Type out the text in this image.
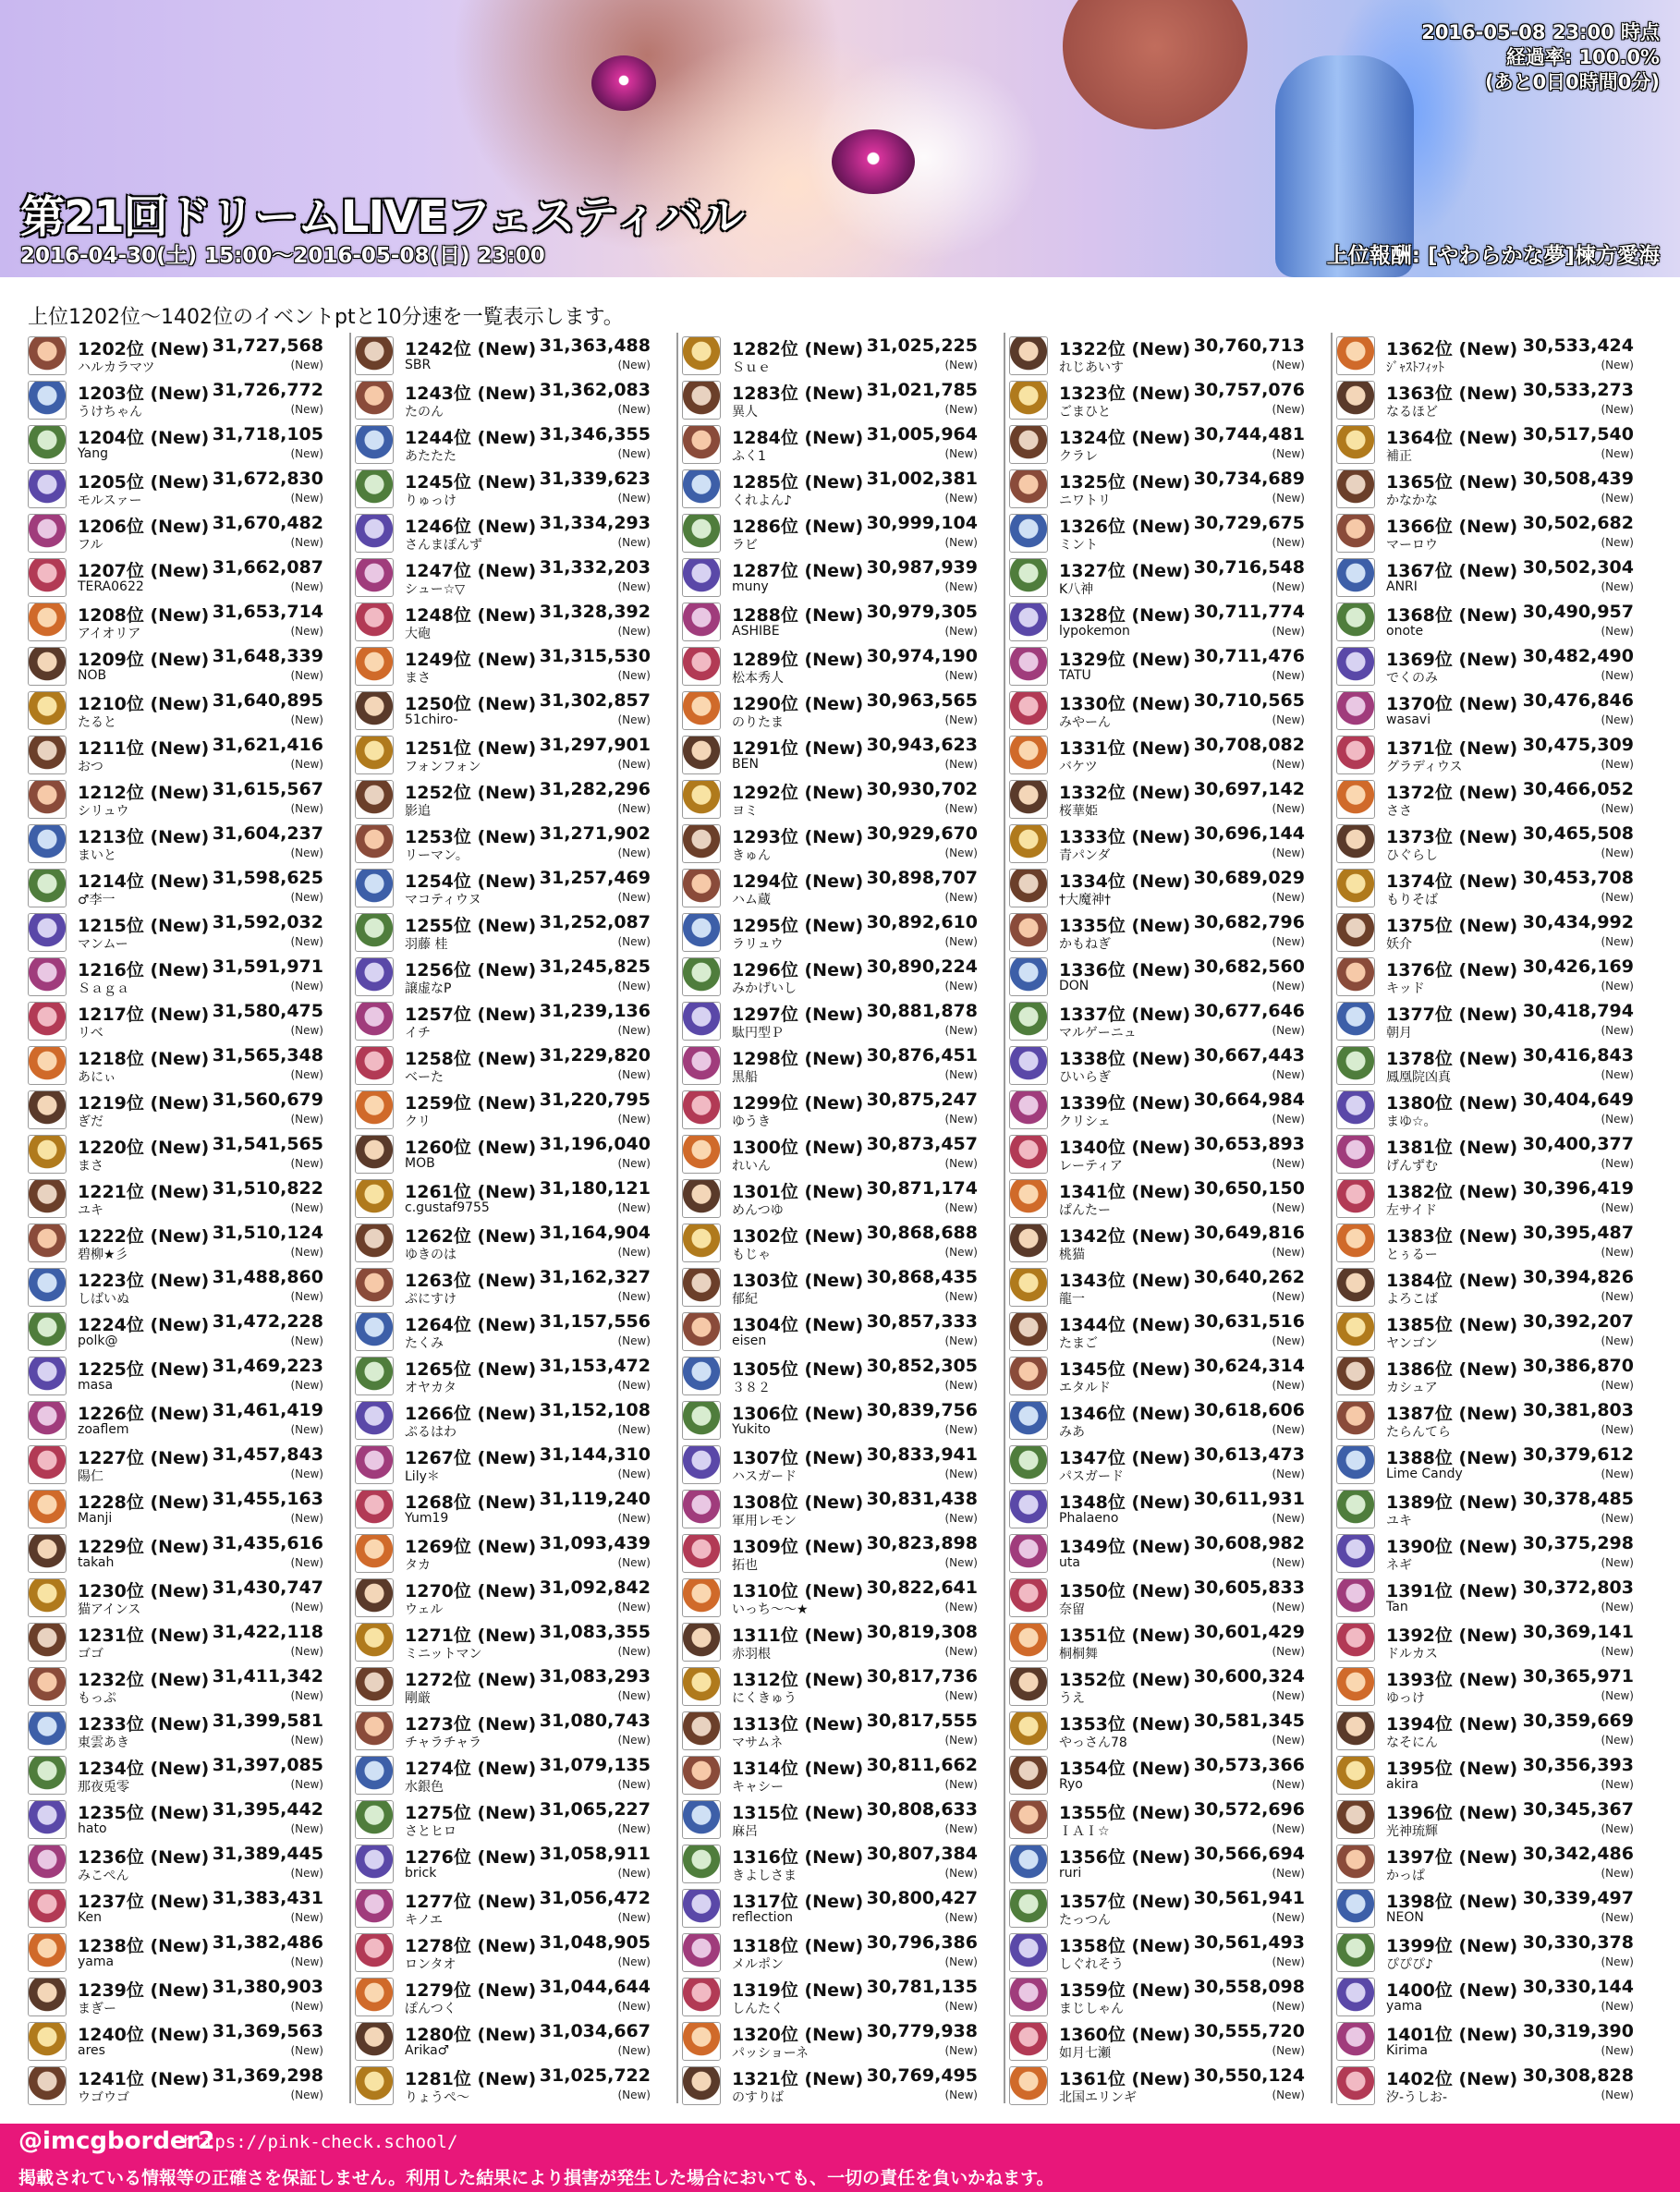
2016-05-08 23:00 時点
経過率: 100.0%
(あと0日0時間0分)
第21回ドリームLIVEフェスティバル
2016-04-30(土) 15:00～2016-05-08(日) 23:00	上位報酬: [やわらかな夢]楝方愛海
上位1202位～1402位のイベントptと10分速を一覧表示します。
1202位 (New) 31,727,568
ハルカラマツ	(New)
1203位 (New) 31,726,772
うけちゃん	(New)
1204位 (New) 31,718,105
Yang	(New)
1205位 (New) 31,672,830
モルスァー	(New)
1206位 (New) 31,670,482
フル	(New)
1207位 (New) 31,662,087
TERA0622	(New)
1208位 (New) 31,653,714
アイオリア	(New)
1209位 (New) 31,648,339
NOB	(New)
1210位 (New) 31,640,895
たると	(New)
1211位 (New) 31,621,416
おつ	(New)
1212位 (New) 31,615,567
シリュウ	(New)
1213位 (New) 31,604,237
まいと	(New)
1214位 (New) 31,598,625
♂李一	(New)
1215位 (New) 31,592,032
マンムー	(New)
1216位 (New) 31,591,971
Ｓａｇａ	(New)
1217位 (New) 31,580,475
リベ	(New)
1218位 (New) 31,565,348
あにぃ	(New)
1219位 (New) 31,560,679
ぎだ	(New)
1220位 (New) 31,541,565
まさ	(New)
1221位 (New) 31,510,822
ユキ	(New)
1222位 (New) 31,510,124
碧柳★彡	(New)
1223位 (New) 31,488,860
しばいぬ	(New)
1224位 (New) 31,472,228
polk@	(New)
1225位 (New) 31,469,223
masa	(New)
1226位 (New) 31,461,419
zoaflem	(New)
1227位 (New) 31,457,843
陽仁	(New)
1228位 (New) 31,455,163
Manji	(New)
1229位 (New) 31,435,616
takah	(New)
1230位 (New) 31,430,747
猫アインス	(New)
1231位 (New) 31,422,118
ゴゴ	(New)
1232位 (New) 31,411,342
もっぷ	(New)
1233位 (New) 31,399,581
東雲あき	(New)
1234位 (New) 31,397,085
那夜兎零	(New)
1235位 (New) 31,395,442
hato	(New)
1236位 (New) 31,389,445
みこぺん	(New)
1237位 (New) 31,383,431
Ken	(New)
1238位 (New) 31,382,486
yama	(New)
1239位 (New) 31,380,903
まぎー	(New)
1240位 (New) 31,369,563
ares	(New)
1241位 (New) 31,369,298
ウゴウゴ	(New)
1242位 (New) 31,363,488
SBR	(New)
1243位 (New) 31,362,083
たのん	(New)
1244位 (New) 31,346,355
あたたた	(New)
1245位 (New) 31,339,623
りゅっけ	(New)
1246位 (New) 31,334,293
さんまぽんず	(New)
1247位 (New) 31,332,203
シュー☆▽	(New)
1248位 (New) 31,328,392
大砲	(New)
1249位 (New) 31,315,530
まさ	(New)
1250位 (New) 31,302,857
51chiro-	(New)
1251位 (New) 31,297,901
フォンフォン	(New)
1252位 (New) 31,282,296
影追	(New)
1253位 (New) 31,271,902
リーマン。	(New)
1254位 (New) 31,257,469
マコティウヌ	(New)
1255位 (New) 31,252,087
羽藤 桂	(New)
1256位 (New) 31,245,825
譲虚なP	(New)
1257位 (New) 31,239,136
イチ	(New)
1258位 (New) 31,229,820
ベーた	(New)
1259位 (New) 31,220,795
クリ	(New)
1260位 (New) 31,196,040
MOB	(New)
1261位 (New) 31,180,121
c.gustaf9755	(New)
1262位 (New) 31,164,904
ゆきのは	(New)
1263位 (New) 31,162,327
ぷにすけ	(New)
1264位 (New) 31,157,556
たくみ	(New)
1265位 (New) 31,153,472
オヤカタ	(New)
1266位 (New) 31,152,108
ぷるはわ	(New)
1267位 (New) 31,144,310
Lily＊	(New)
1268位 (New) 31,119,240
Yum19	(New)
1269位 (New) 31,093,439
タカ	(New)
1270位 (New) 31,092,842
ウェル	(New)
1271位 (New) 31,083,355
ミニットマン	(New)
1272位 (New) 31,083,293
剛厳	(New)
1273位 (New) 31,080,743
チャラチャラ	(New)
1274位 (New) 31,079,135
水銀色	(New)
1275位 (New) 31,065,227
さとヒロ	(New)
1276位 (New) 31,058,911
brick	(New)
1277位 (New) 31,056,472
キノエ	(New)
1278位 (New) 31,048,905
ロンタオ	(New)
1279位 (New) 31,044,644
ぽんつく	(New)
1280位 (New) 31,034,667
Arika♂	(New)
1281位 (New) 31,025,722
りょうぺ～	(New)
1282位 (New) 31,025,225
Ｓｕｅ	(New)
1283位 (New) 31,021,785
異人	(New)
1284位 (New) 31,005,964
ふく1	(New)
1285位 (New) 31,002,381
くれよん♪	(New)
1286位 (New) 30,999,104
ラビ	(New)
1287位 (New) 30,987,939
muny	(New)
1288位 (New) 30,979,305
ASHIBE	(New)
1289位 (New) 30,974,190
松本秀人	(New)
1290位 (New) 30,963,565
のりたま	(New)
1291位 (New) 30,943,623
BEN	(New)
1292位 (New) 30,930,702
ヨミ	(New)
1293位 (New) 30,929,670
きゅん	(New)
1294位 (New) 30,898,707
ハム蔵	(New)
1295位 (New) 30,892,610
ラリュウ	(New)
1296位 (New) 30,890,224
みかげいし	(New)
1297位 (New) 30,881,878
駄円型Ｐ	(New)
1298位 (New) 30,876,451
黒船	(New)
1299位 (New) 30,875,247
ゆうき	(New)
1300位 (New) 30,873,457
れいん	(New)
1301位 (New) 30,871,174
めんつゆ	(New)
1302位 (New) 30,868,688
もじゃ	(New)
1303位 (New) 30,868,435
郁紀	(New)
1304位 (New) 30,857,333
eisen	(New)
1305位 (New) 30,852,305
３８２	(New)
1306位 (New) 30,839,756
Yukito	(New)
1307位 (New) 30,833,941
ハスガード	(New)
1308位 (New) 30,831,438
軍用レモン	(New)
1309位 (New) 30,823,898
拓也	(New)
1310位 (New) 30,822,641
いっち～～★	(New)
1311位 (New) 30,819,308
赤羽根	(New)
1312位 (New) 30,817,736
にくきゅう	(New)
1313位 (New) 30,817,555
マサムネ	(New)
1314位 (New) 30,811,662
キャシー	(New)
1315位 (New) 30,808,633
麻呂	(New)
1316位 (New) 30,807,384
きよしさま	(New)
1317位 (New) 30,800,427
reflection	(New)
1318位 (New) 30,796,386
メルポン	(New)
1319位 (New) 30,781,135
しんたく	(New)
1320位 (New) 30,779,938
パッショーネ	(New)
1321位 (New) 30,769,495
のすりば	(New)
1322位 (New) 30,760,713
れじあいす	(New)
1323位 (New) 30,757,076
ごまひと	(New)
1324位 (New) 30,744,481
クラレ	(New)
1325位 (New) 30,734,689
ニワトリ	(New)
1326位 (New) 30,729,675
ミント	(New)
1327位 (New) 30,716,548
K八神	(New)
1328位 (New) 30,711,774
lypokemon	(New)
1329位 (New) 30,711,476
TATU	(New)
1330位 (New) 30,710,565
みやーん	(New)
1331位 (New) 30,708,082
バケツ	(New)
1332位 (New) 30,697,142
桜華姫	(New)
1333位 (New) 30,696,144
青パンダ	(New)
1334位 (New) 30,689,029
†大魔神†	(New)
1335位 (New) 30,682,796
かもねぎ	(New)
1336位 (New) 30,682,560
DON	(New)
1337位 (New) 30,677,646
マルゲーニュ	(New)
1338位 (New) 30,667,443
ひいらぎ	(New)
1339位 (New) 30,664,984
クリシェ	(New)
1340位 (New) 30,653,893
レーティア	(New)
1341位 (New) 30,650,150
ぱんたー	(New)
1342位 (New) 30,649,816
桃猫	(New)
1343位 (New) 30,640,262
龍一	(New)
1344位 (New) 30,631,516
たまご	(New)
1345位 (New) 30,624,314
エタルド	(New)
1346位 (New) 30,618,606
みあ	(New)
1347位 (New) 30,613,473
パスガード	(New)
1348位 (New) 30,611,931
Phalaeno	(New)
1349位 (New) 30,608,982
uta	(New)
1350位 (New) 30,605,833
奈留	(New)
1351位 (New) 30,601,429
桐桐舞	(New)
1352位 (New) 30,600,324
うえ	(New)
1353位 (New) 30,581,345
やっさん78	(New)
1354位 (New) 30,573,366
Ryo	(New)
1355位 (New) 30,572,696
ＩＡＩ☆	(New)
1356位 (New) 30,566,694
ruri	(New)
1357位 (New) 30,561,941
たっつん	(New)
1358位 (New) 30,561,493
しぐれそう	(New)
1359位 (New) 30,558,098
まじしゃん	(New)
1360位 (New) 30,555,720
如月七瀬	(New)
1361位 (New) 30,550,124
北国エリンギ	(New)
1362位 (New) 30,533,424
ｼﾞｬｽﾄﾌｨｯﾄ	(New)
1363位 (New) 30,533,273
なるほど	(New)
1364位 (New) 30,517,540
補正	(New)
1365位 (New) 30,508,439
かなかな	(New)
1366位 (New) 30,502,682
マーロウ	(New)
1367位 (New) 30,502,304
ANRI	(New)
1368位 (New) 30,490,957
onote	(New)
1369位 (New) 30,482,490
でくのみ	(New)
1370位 (New) 30,476,846
wasavi	(New)
1371位 (New) 30,475,309
グラディウス	(New)
1372位 (New) 30,466,052
ささ	(New)
1373位 (New) 30,465,508
ひぐらし	(New)
1374位 (New) 30,453,708
もりそば	(New)
1375位 (New) 30,434,992
妖介	(New)
1376位 (New) 30,426,169
キッド	(New)
1377位 (New) 30,418,794
朝月	(New)
1378位 (New) 30,416,843
鳳凰院凶真	(New)
1380位 (New) 30,404,649
まゆ☆。	(New)
1381位 (New) 30,400,377
げんずむ	(New)
1382位 (New) 30,396,419
左サイド	(New)
1383位 (New) 30,395,487
とぅるー	(New)
1384位 (New) 30,394,826
よろこば	(New)
1385位 (New) 30,392,207
ヤンゴン	(New)
1386位 (New) 30,386,870
カシュア	(New)
1387位 (New) 30,381,803
たらんてら	(New)
1388位 (New) 30,379,612
Lime Candy	(New)
1389位 (New) 30,378,485
ユキ	(New)
1390位 (New) 30,375,298
ネギ	(New)
1391位 (New) 30,372,803
Tan	(New)
1392位 (New) 30,369,141
ドルカス	(New)
1393位 (New) 30,365,971
ゆっけ	(New)
1394位 (New) 30,359,669
なそにん	(New)
1395位 (New) 30,356,393
akira	(New)
1396位 (New) 30,345,367
光神琉輝	(New)
1397位 (New) 30,342,486
かっぱ	(New)
1398位 (New) 30,339,497
NEON	(New)
1399位 (New) 30,330,378
ぴぴぴ♪	(New)
1400位 (New) 30,330,144
yama	(New)
1401位 (New) 30,319,390
Kirima	(New)
1402位 (New) 30,308,828
汐-うしお-	(New)
@imcgborder2
https://pink-check.school/
掲載されている情報等の正確さを保証しません。利用した結果により損害が発生した場合においても、一切の責任を負いかねます。
